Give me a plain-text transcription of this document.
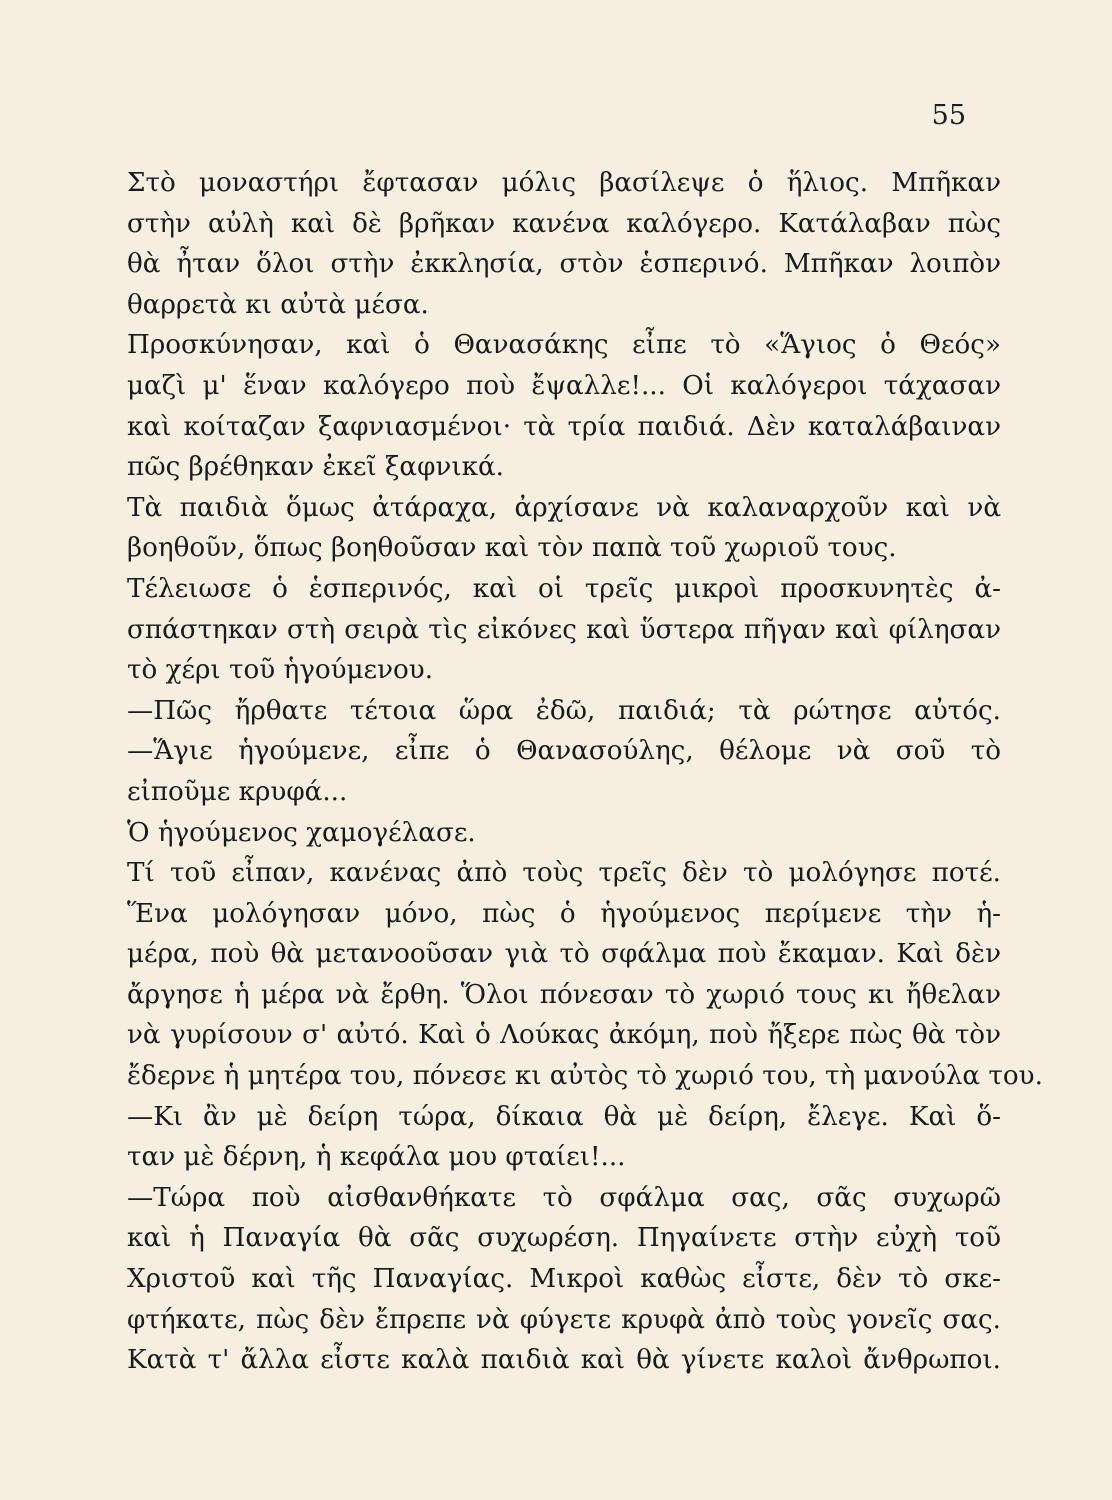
55
Στὸ μοναστήρι ἔφτασαν μόλις βασίλεψε ὁ ἥλιος. Μπῆκαν
στὴν αὐλὴ καὶ δὲ βρῆκαν κανένα καλόγερο. Κατάλαβαν πὼς
θὰ ἦταν ὅλοι στὴν ἐκκλησία, στὸν ἑσπερινό. Μπῆκαν λοιπὸν
θαρρετὰ κι αὐτὰ μέσα.
Προσκύνησαν, καὶ ὁ Θανασάκης εἶπε τὸ «Ἅγιος ὁ Θεός»
μαζὶ μ' ἕναν καλόγερο ποὺ ἔψαλλε!... Οἱ καλόγεροι τάχασαν
καὶ κοίταζαν ξαφνιασμένοι· τὰ τρία παιδιά. Δὲν καταλάβαιναν
πῶς βρέθηκαν ἐκεῖ ξαφνικά.
Τὰ παιδιὰ ὅμως ἀτάραχα, ἀρχίσανε νὰ καλαναρχοῦν καὶ νὰ
βοηθοῦν, ὅπως βοηθοῦσαν καὶ τὸν παπὰ τοῦ χωριοῦ τους.
Τέλειωσε ὁ ἑσπερινός, καὶ οἱ τρεῖς μικροὶ προσκυνητὲς ἀ-
σπάστηκαν στὴ σειρὰ τὶς εἰκόνες καὶ ὕστερα πῆγαν καὶ φίλησαν
τὸ χέρι τοῦ ἡγούμενου.
—Πῶς ἤρθατε τέτοια ὥρα ἐδῶ, παιδιά; τὰ ρώτησε αὐτός.
—Ἅγιε ἡγούμενε, εἶπε ὁ Θανασούλης, θέλομε νὰ σοῦ τὸ
εἰποῦμε κρυφά...
Ὁ ἡγούμενος χαμογέλασε.
Τί τοῦ εἶπαν, κανένας ἀπὸ τοὺς τρεῖς δὲν τὸ μολόγησε ποτέ.
Ἕνα μολόγησαν μόνο, πὼς ὁ ἡγούμενος περίμενε τὴν ἡ-
μέρα, ποὺ θὰ μετανοοῦσαν γιὰ τὸ σφάλμα ποὺ ἔκαμαν. Καὶ δὲν
ἄργησε ἡ μέρα νὰ ἔρθη. Ὅλοι πόνεσαν τὸ χωριό τους κι ἤθελαν
νὰ γυρίσουν σ' αὐτό. Καὶ ὁ Λούκας ἀκόμη, ποὺ ἤξερε πὼς θὰ τὸν
ἔδερνε ἡ μητέρα του, πόνεσε κι αὐτὸς τὸ χωριό του, τὴ μανούλα του.
—Κι ἂν μὲ δείρη τώρα, δίκαια θὰ μὲ δείρη, ἔλεγε. Καὶ ὅ-
ταν μὲ δέρνη, ἡ κεφάλα μου φταίει!...
—Τώρα ποὺ αἰσθανθήκατε τὸ σφάλμα σας, σᾶς συχωρῶ
καὶ ἡ Παναγία θὰ σᾶς συχωρέση. Πηγαίνετε στὴν εὐχὴ τοῦ
Χριστοῦ καὶ τῆς Παναγίας. Μικροὶ καθὼς εἶστε, δὲν τὸ σκε-
φτήκατε, πὼς δὲν ἔπρεπε νὰ φύγετε κρυφὰ ἀπὸ τοὺς γονεῖς σας.
Κατὰ τ' ἄλλα εἶστε καλὰ παιδιὰ καὶ θὰ γίνετε καλοὶ ἄνθρωποι.
